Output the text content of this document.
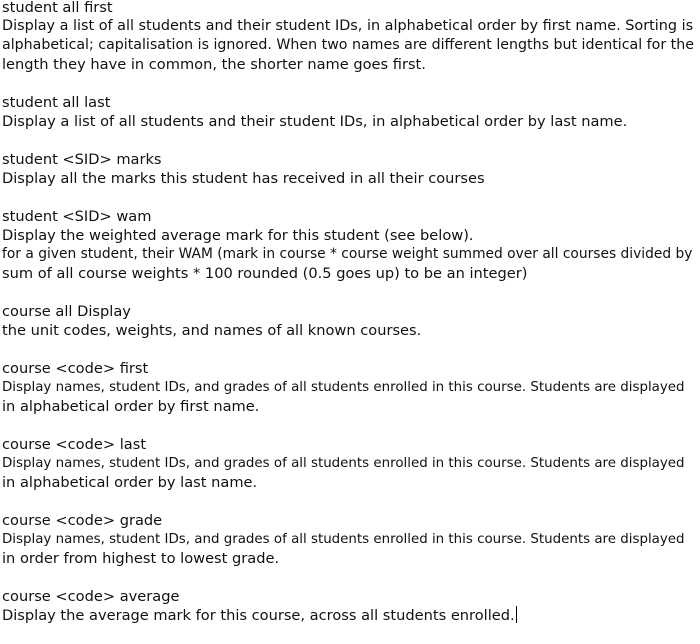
student all first
Display a list of all students and their student IDs, in alphabetical order by first name. Sorting is
alphabetical; capitalisation is ignored. When two names are different lengths but identical for the
length they have in common, the shorter name goes first.
student all last
Display a list of all students and their student IDs, in alphabetical order by last name.
student <SID> marks
Display all the marks this student has received in all their courses
student <SID> wam
Display the weighted average mark for this student (see below).
for a given student, their WAM (mark in course * course weight summed over all courses divided by
sum of all course weights * 100 rounded (0.5 goes up) to be an integer)
course all Display
the unit codes, weights, and names of all known courses.
course <code> first
Display names, student IDs, and grades of all students enrolled in this course. Students are displayed
in alphabetical order by first name.
course <code> last
Display names, student IDs, and grades of all students enrolled in this course. Students are displayed
in alphabetical order by last name.
course <code> grade
Display names, student IDs, and grades of all students enrolled in this course. Students are displayed
in order from highest to lowest grade.
course <code> average
Display the average mark for this course, across all students enrolled.
